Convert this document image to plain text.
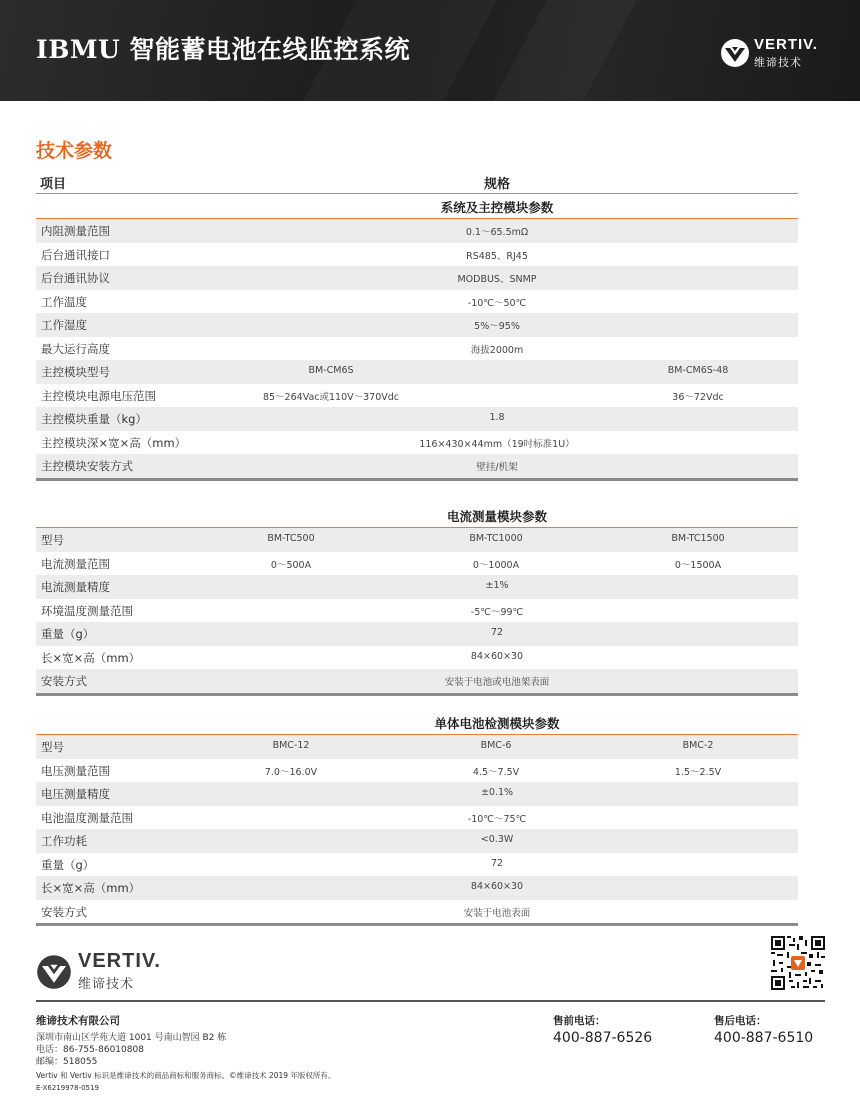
IBMU 智能蓄电池在线监控系统	VERTIV.
维谛技术
技术参数
项目	规格
系统及主控模块参数
内阻测量范围	0.1～65.5mΩ
后台通讯接口	RS485、RJ45
后台通讯协议	MODBUS、SNMP
工作温度	-10℃～50℃
工作湿度	5%～95%
最大运行高度	海拔2000m
主控模块型号	BM-CM6S	BM-CM6S-48
主控模块电源电压范围	85～264Vac或110V～370Vdc	36～72Vdc
主控模块重量（kg）	1.8
主控模块深×宽×高（mm）	116×430×44mm（19吋标准1U）
主控模块安装方式	壁挂/机架
电流测量模块参数
型号	BM-TC500	BM-TC1000	BM-TC1500
电流测量范围	0～500A	0～1000A	0～1500A
电流测量精度	±1%
环境温度测量范围	-5℃～99℃
重量（g）	72
长×宽×高（mm）	84×60×30
安装方式	安装于电池或电池架表面
单体电池检测模块参数
型号	BMC-12	BMC-6	BMC-2
电压测量范围	7.0～16.0V	4.5～7.5V	1.5～2.5V
电压测量精度	±0.1%
电池温度测量范围	-10℃～75℃
工作功耗	<0.3W
重量（g）	72
长×宽×高（mm）	84×60×30
安装方式	安装于电池表面
VERTIV.
维谛技术
维谛技术有限公司
深圳市南山区学苑大道 1001 号南山智园 B2 栋
电话：86-755-86010808
邮编：518055
售前电话：
400-887-6526
售后电话：
400-887-6510
Vertiv 和 Vertiv 标识是维谛技术的商品商标和服务商标。©维谛技术 2019 年版权所有。
E-X6219978-0519
